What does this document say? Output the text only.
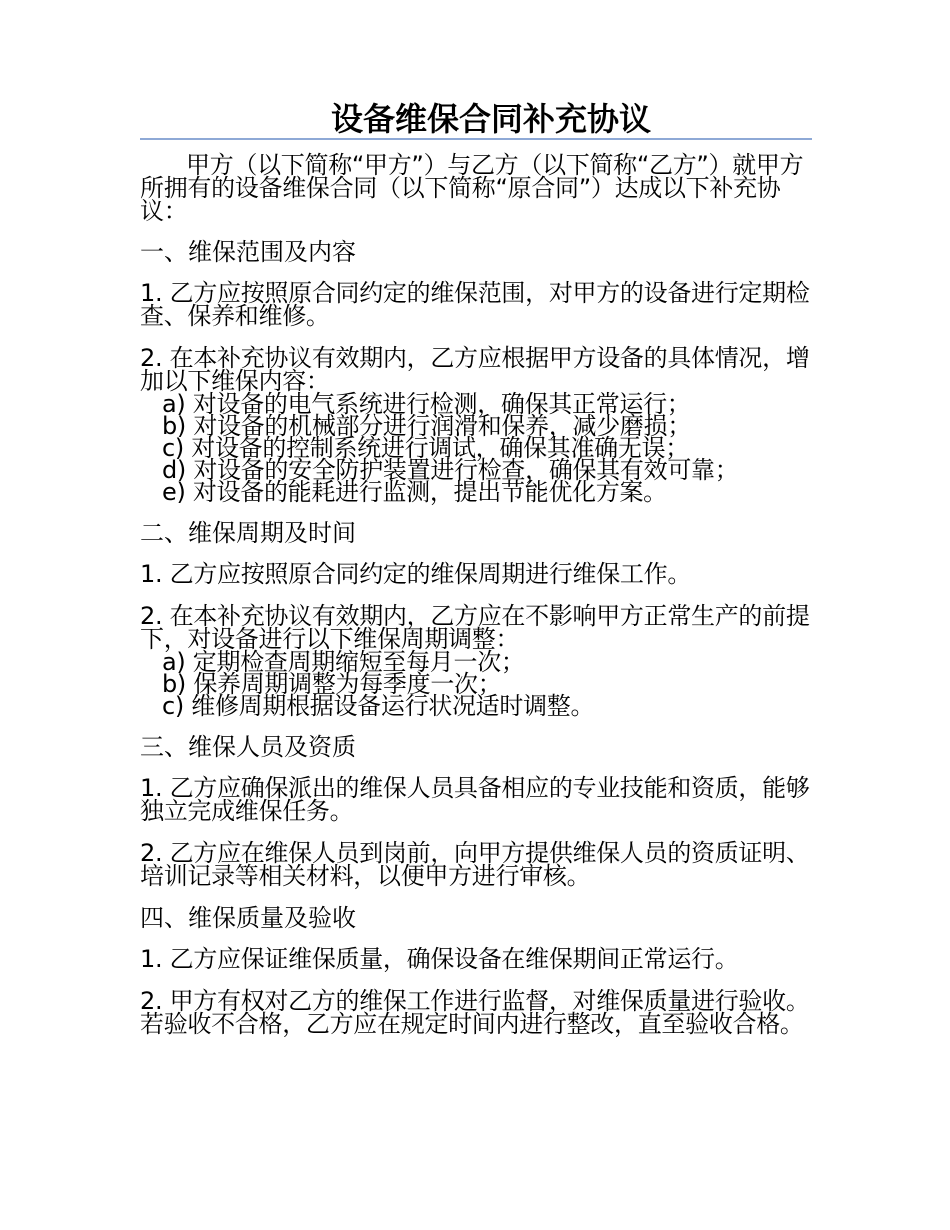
设备维保合同补充协议

甲方（以下简称“甲方”）与乙方（以下简称“乙方”）就甲方所拥有的设备维保合同（以下简称“原合同”）达成以下补充协议：

一、维保范围及内容

1. 乙方应按照原合同约定的维保范围，对甲方的设备进行定期检查、保养和维修。

2. 在本补充协议有效期内，乙方应根据甲方设备的具体情况，增加以下维保内容：

a) 对设备的电气系统进行检测，确保其正常运行；
b) 对设备的机械部分进行润滑和保养，减少磨损；
c) 对设备的控制系统进行调试，确保其准确无误；
d) 对设备的安全防护装置进行检查，确保其有效可靠；
e) 对设备的能耗进行监测，提出节能优化方案。

二、维保周期及时间

1. 乙方应按照原合同约定的维保周期进行维保工作。

2. 在本补充协议有效期内，乙方应在不影响甲方正常生产的前提下，对设备进行以下维保周期调整：

a) 定期检查周期缩短至每月一次；
b) 保养周期调整为每季度一次；
c) 维修周期根据设备运行状况适时调整。

三、维保人员及资质

1. 乙方应确保派出的维保人员具备相应的专业技能和资质，能够独立完成维保任务。

2. 乙方应在维保人员到岗前，向甲方提供维保人员的资质证明、培训记录等相关材料，以便甲方进行审核。

四、维保质量及验收

1. 乙方应保证维保质量，确保设备在维保期间正常运行。

2. 甲方有权对乙方的维保工作进行监督，对维保质量进行验收。若验收不合格，乙方应在规定时间内进行整改，直至验收合格。
